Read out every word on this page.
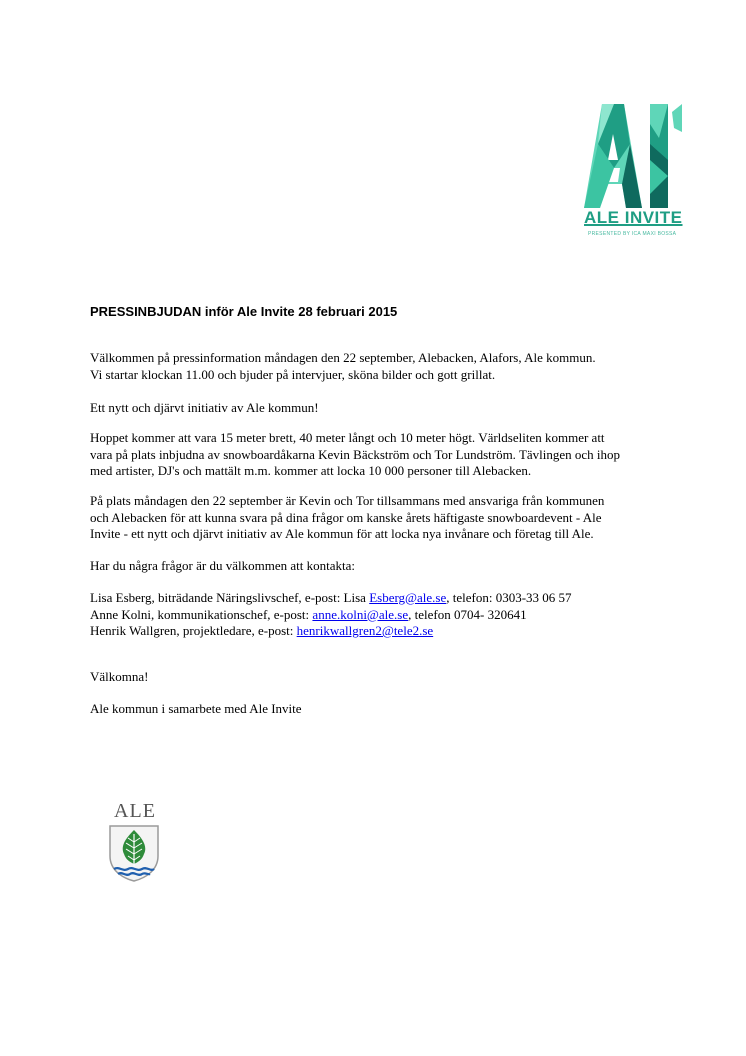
ALE INVITE
PRESENTED BY ICA MAXI BOSSA
PRESSINBJUDAN inför Ale Invite 28 februari 2015
Välkommen på pressinformation måndagen den 22 september, Alebacken, Alafors, Ale kommun.
Vi startar klockan 11.00 och bjuder på intervjuer, sköna bilder och gott grillat.
Ett nytt och djärvt initiativ av Ale kommun!
Hoppet kommer att vara 15 meter brett, 40 meter långt och 10 meter högt. Världseliten kommer att
vara på plats inbjudna av snowboardåkarna Kevin Bäckström och Tor Lundström. Tävlingen och ihop
med artister, DJ's och mattält m.m. kommer att locka 10 000 personer till Alebacken.
På plats måndagen den 22 september är Kevin och Tor tillsammans med ansvariga från kommunen
och Alebacken för att kunna svara på dina frågor om kanske årets häftigaste snowboardevent - Ale
Invite - ett nytt och djärvt initiativ av Ale kommun för att locka nya invånare och företag till Ale.
Har du några frågor är du välkommen att kontakta:
Lisa Esberg, biträdande Näringslivschef, e-post: Lisa Esberg@ale.se, telefon: 0303-33 06 57
Anne Kolni, kommunikationschef, e-post: anne.kolni@ale.se, telefon 0704- 320641
Henrik Wallgren, projektledare, e-post: henrikwallgren2@tele2.se
Välkomna!
Ale kommun i samarbete med Ale Invite
ALE
